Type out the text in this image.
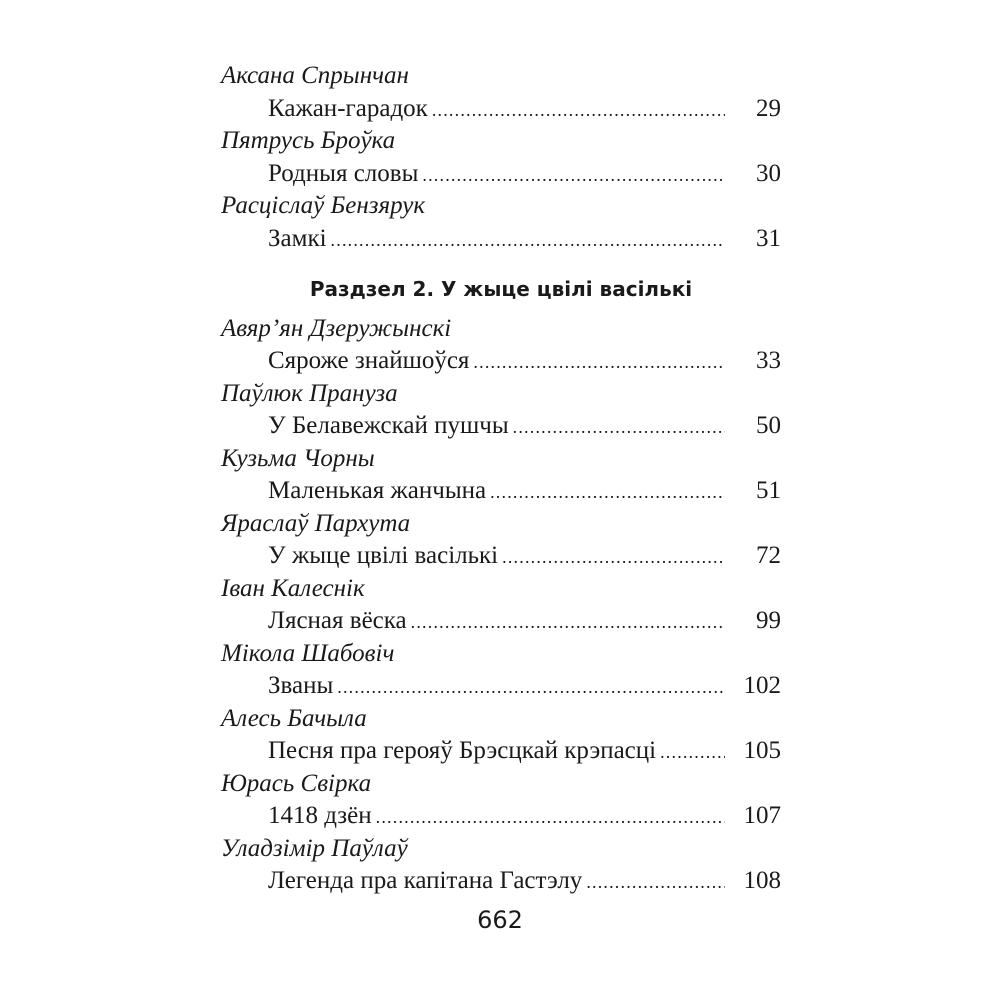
Аксана Спрынчан
Кажан-гарадок .....	29
Пятрусь Броўка
Родныя словы .....	30
Расціслаў Бензярук
Замкі .....	31
Раздзел 2. У жыце цвілі васількі
Авяр’ян Дзеружынскі
Сяроже знайшоўся .....	33
Паўлюк Пранузa
У Белавежскай пушчы .....	50
Кузьма Чорны
Маленькая жанчына .....	51
Яраслаў Пархута
У жыце цвілі васількі .....	72
Іван Калеснік
Лясная вёска .....	99
Мікола Шабовіч
Званы .....	102
Алесь Бачыла
Песня пра герояў Брэсцкай крэпасці .....	105
Юрась Свірка
1418 дзён .....	107
Уладзімір Паўлаў
Легенда пра капітана Гастэлу .....	108
662
